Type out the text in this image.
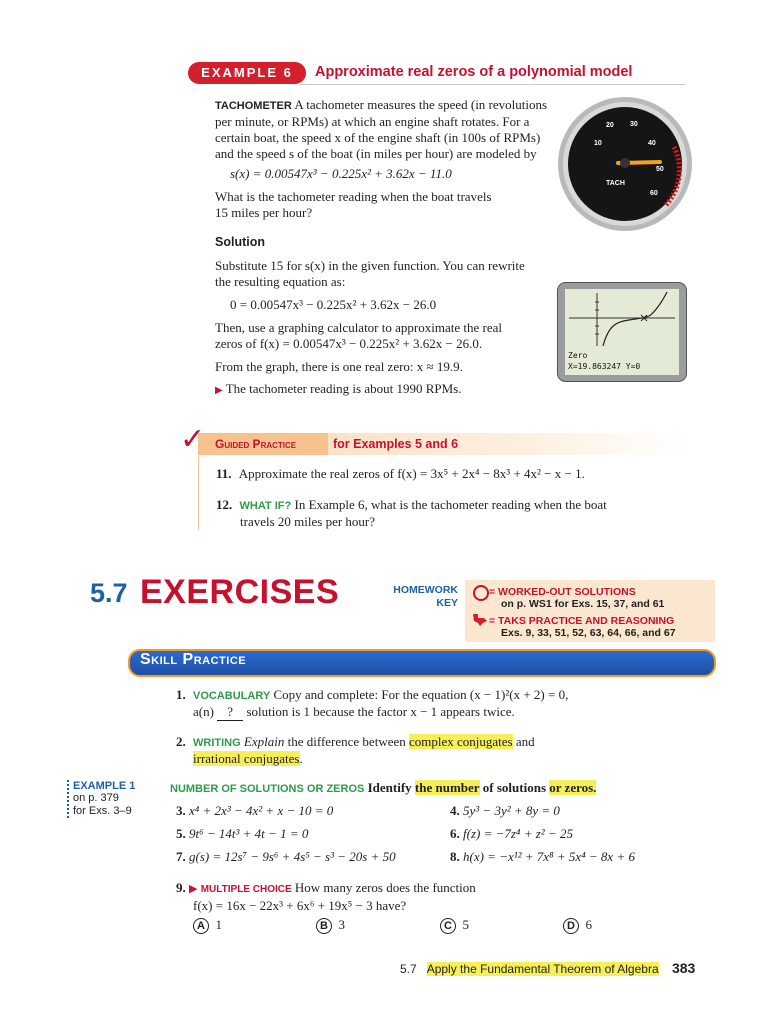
EXAMPLE 6	Approximate real zeros of a polynomial model
TACHOMETER A tachometer measures the speed (in revolutions
per minute, or RPMs) at which an engine shaft rotates. For a
certain boat, the speed x of the engine shaft (in 100s of RPMs)
and the speed s of the boat (in miles per hour) are modeled by
s(x) = 0.00547x³ − 0.225x² + 3.62x − 11.0
What is the tachometer reading when the boat travels
15 miles per hour?
Solution
Substitute 15 for s(x) in the given function. You can rewrite
the resulting equation as:
0 = 0.00547x³ − 0.225x² + 3.62x − 26.0
Then, use a graphing calculator to approximate the real
zeros of f(x) = 0.00547x³ − 0.225x² + 3.62x − 26.0.
From the graph, there is one real zero: x ≈ 19.9.
▶ The tachometer reading is about 1990 RPMs.
10
20 30
40
50
60
TACH
Zero
X=19.863247 Y=0
✓ Guided Practice	for Examples 5 and 6
11. Approximate the real zeros of f(x) = 3x⁵ + 2x⁴ − 8x³ + 4x² − x − 1.
12. WHAT IF? In Example 6, what is the tachometer reading when the boat
travels 20 miles per hour?
5.7 EXERCISES	HOMEWORK
KEY
= WORKED-OUT SOLUTIONS
on p. WS1 for Exs. 15, 37, and 61
= TAKS PRACTICE AND REASONING
Exs. 9, 33, 51, 52, 63, 64, 66, and 67
Skill Practice
1. VOCABULARY Copy and complete: For the equation (x − 1)²(x + 2) = 0,
a(n) ? solution is 1 because the factor x − 1 appears twice.
2. WRITING Explain the difference between complex conjugates and
irrational conjugates.
EXAMPLE 1
on p. 379
for Exs. 3–9
NUMBER OF SOLUTIONS OR ZEROS Identify the number of solutions or zeros.
3. x⁴ + 2x³ − 4x² + x − 10 = 0	4. 5y³ − 3y² + 8y = 0
5. 9t⁶ − 14t³ + 4t − 1 = 0	6. f(z) = −7z⁴ + z² − 25
7. g(s) = 12s⁷ − 9s⁶ + 4s⁵ − s³ − 20s + 50	8. h(x) = −x¹² + 7x⁸ + 5x⁴ − 8x + 6
9. ▶ MULTIPLE CHOICE How many zeros does the function
f(x) = 16x − 22x³ + 6x⁶ + 19x⁵ − 3 have?
A 1	B 3	C 5	D 6
5.7 Apply the Fundamental Theorem of Algebra 383
